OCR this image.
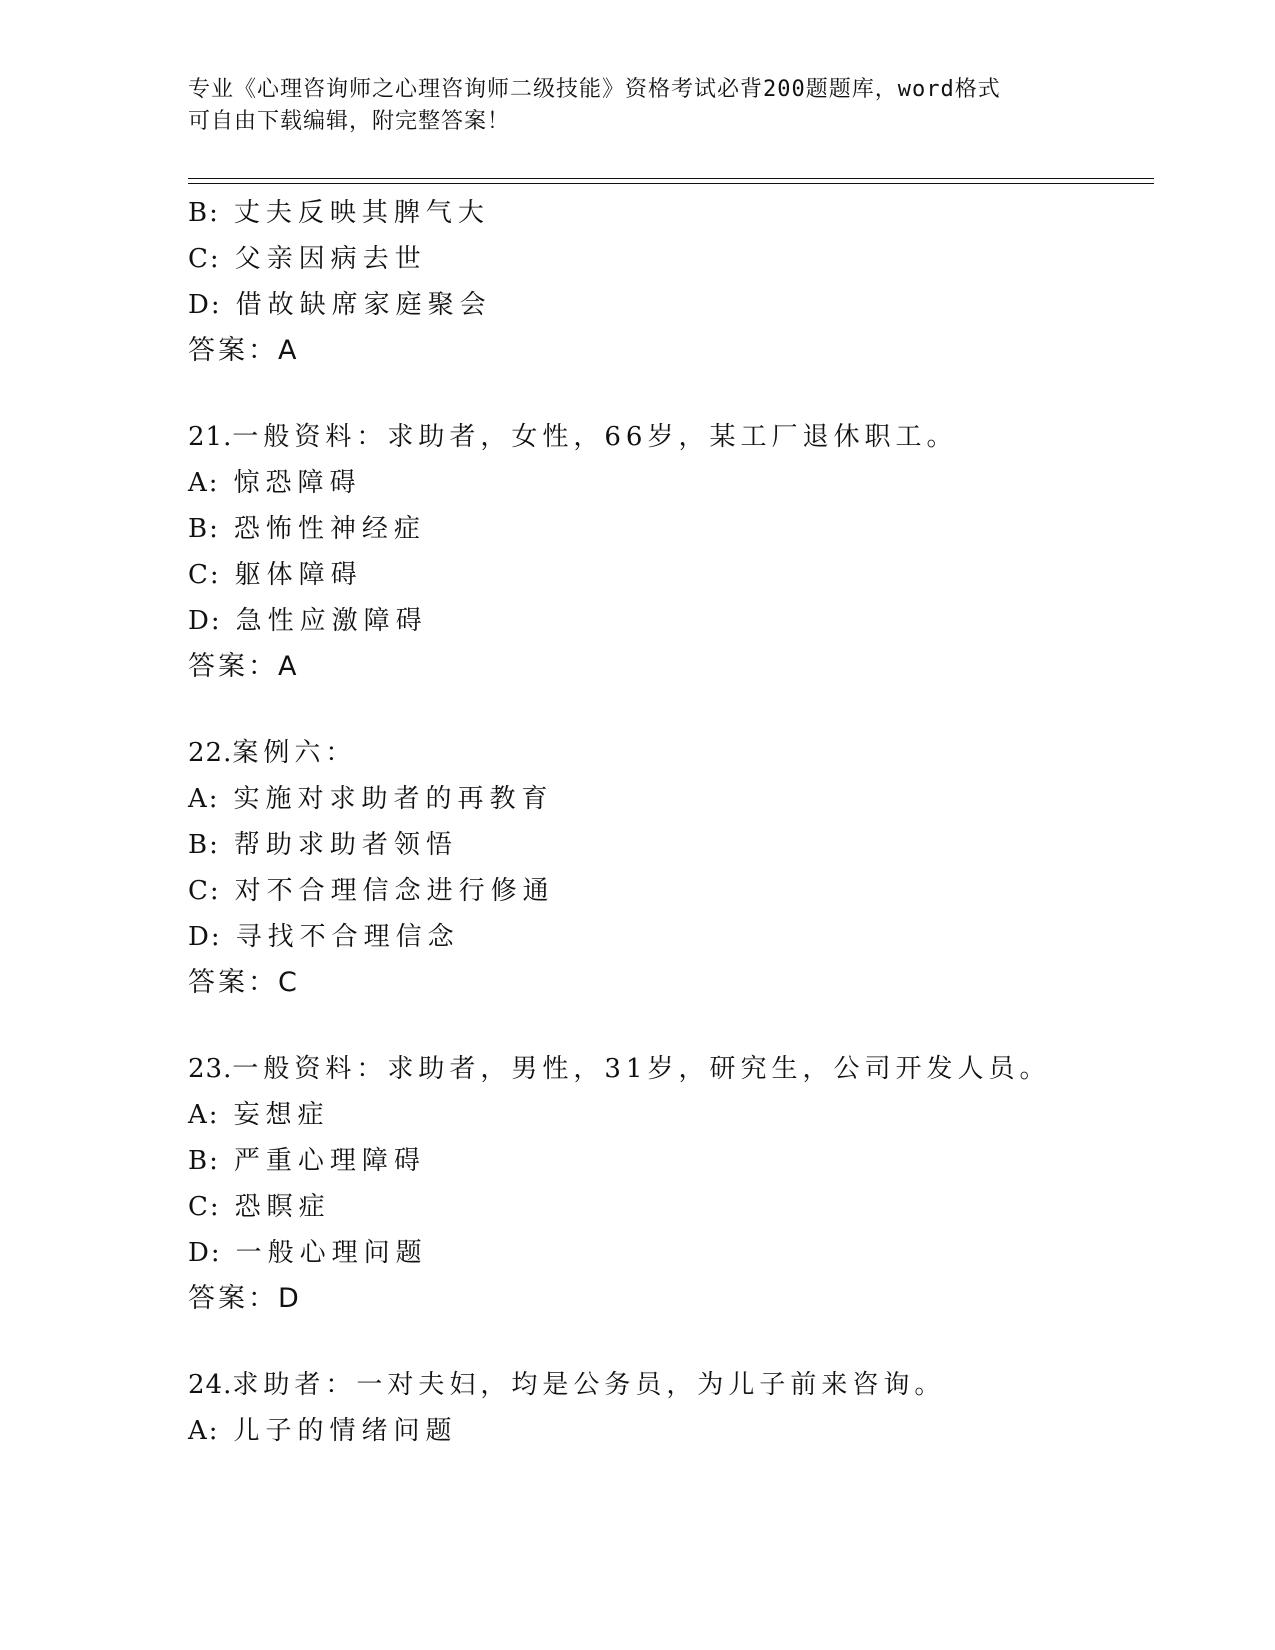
专业《心理咨询师之心理咨询师二级技能》资格考试必背200题题库，word格式
可自由下载编辑，附完整答案！
B: 丈夫反映其脾气大
C: 父亲因病去世
D: 借故缺席家庭聚会
答案：A
21.一般资料：求助者，女性，66岁，某工厂退休职工。
A: 惊恐障碍
B: 恐怖性神经症
C: 躯体障碍
D: 急性应激障碍
答案：A
22.案例六：
A: 实施对求助者的再教育
B: 帮助求助者领悟
C: 对不合理信念进行修通
D: 寻找不合理信念
答案：C
23.一般资料：求助者，男性，31岁，研究生，公司开发人员。
A: 妄想症
B: 严重心理障碍
C: 恐瞑症
D: 一般心理问题
答案：D
24.求助者：一对夫妇，均是公务员，为儿子前来咨询。
A: 儿子的情绪问题
